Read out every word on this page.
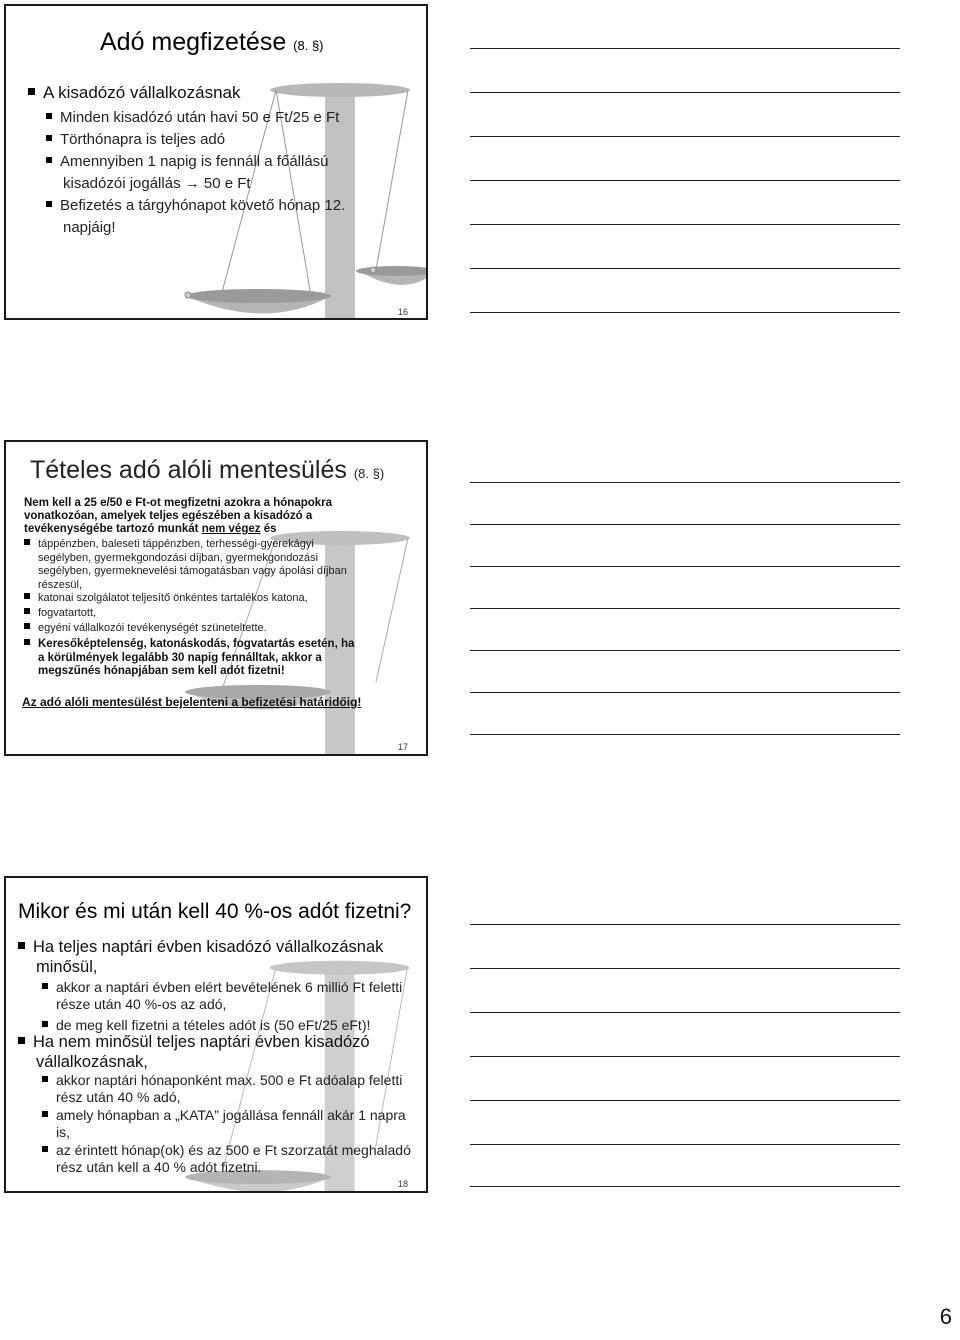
Adó megfizetése (8. §)
A kisadózó vállalkozásnak
Minden kisadózó után havi 50 e Ft/25 e Ft
Törthónapra is teljes adó
Amennyiben 1 napig is fennáll a főállású
kisadózói jogállás → 50 e Ft
Befizetés a tárgyhónapot követő hónap 12.
napjáig!
16
Tételes adó alóli mentesülés (8. §)
Nem kell a 25 e/50 e Ft-ot megfizetni azokra a hónapokra
vonatkozóan, amelyek teljes egészében a kisadózó a
tevékenységébe tartozó munkát nem végez és
táppénzben, baleseti táppénzben, terhességi-gyerekágyi
segélyben, gyermekgondozási díjban, gyermekgondozási
segélyben, gyermeknevelési támogatásban vagy ápolási díjban
részesül,
katonai szolgálatot teljesítő önkéntes tartalékos katona,
fogvatartott,
egyéni vállalkozói tevékenységét szüneteltette.
Keresőképtelenség, katonáskodás, fogvatartás esetén, ha
a körülmények legalább 30 napig fennálltak, akkor a
megszűnés hónapjában sem kell adót fizetni!
Az adó alóli mentesülést bejelenteni a befizetési határidőig!
17
Mikor és mi után kell 40 %-os adót fizetni?
Ha teljes naptári évben kisadózó vállalkozásnak
minősül,
akkor a naptári évben elért bevételének 6 millió Ft feletti
része után 40 %-os az adó,
de meg kell fizetni a tételes adót is (50 eFt/25 eFt)!
Ha nem minősül teljes naptári évben kisadózó
vállalkozásnak,
akkor naptári hónaponként max. 500 e Ft adóalap feletti
rész után 40 % adó,
amely hónapban a „KATA” jogállása fennáll akár 1 napra
is,
az érintett hónap(ok) és az 500 e Ft szorzatát meghaladó
rész után kell a 40 % adót fizetni.
18
6
